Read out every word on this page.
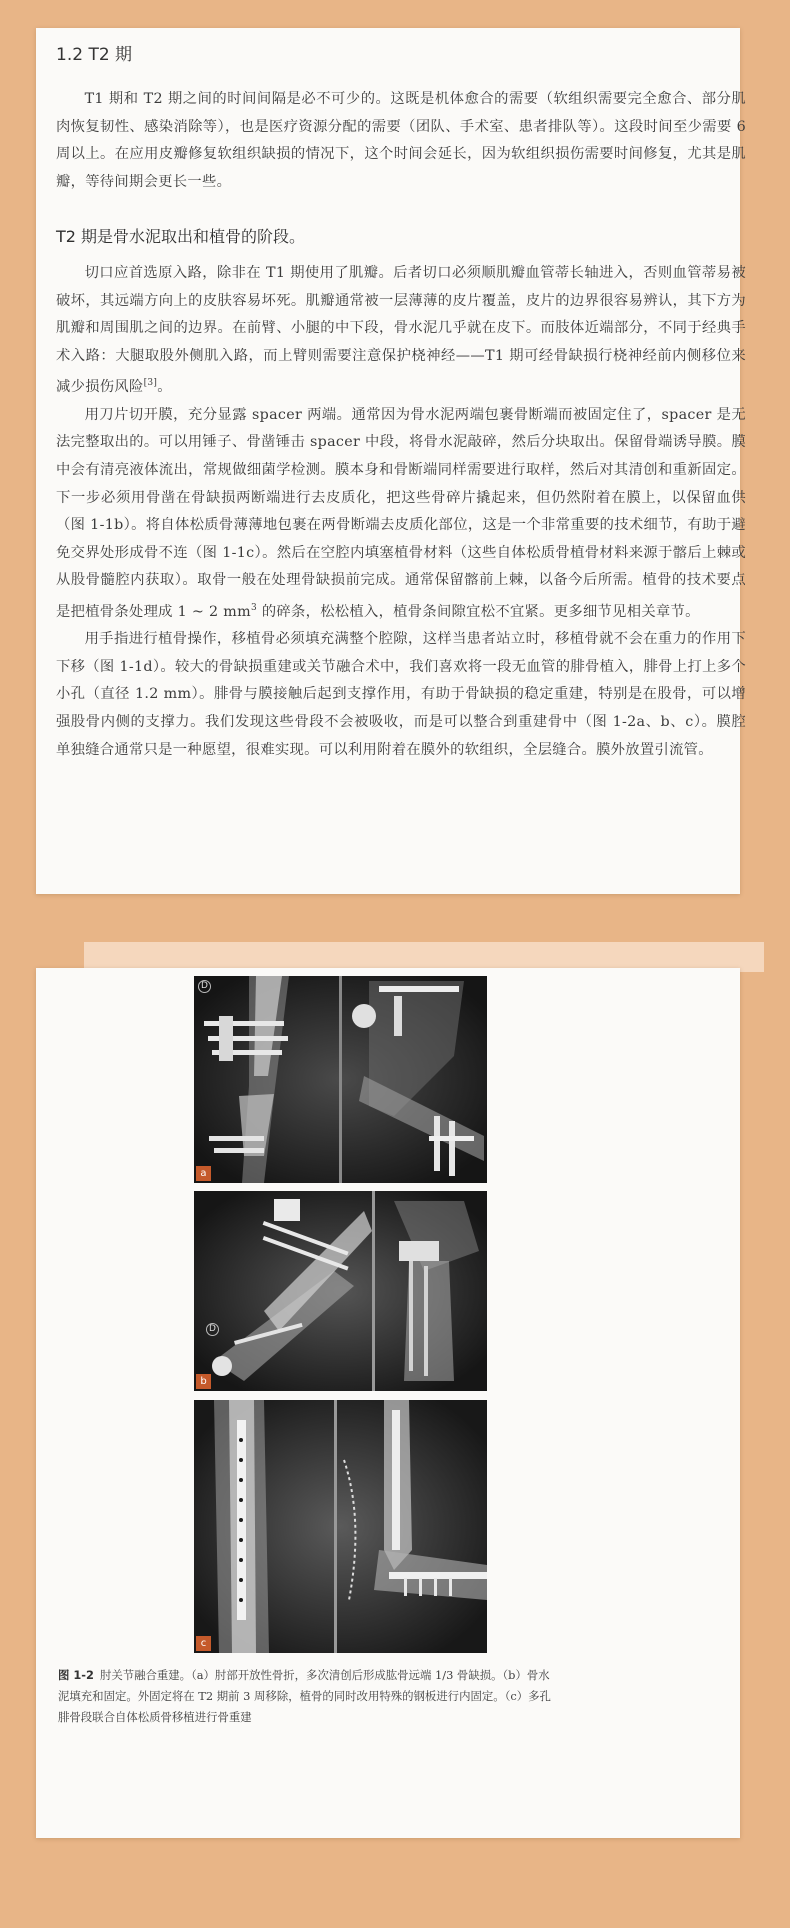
1.2 T2 期

T1 期和 T2 期之间的时间间隔是必不可少的。这既是机体愈合的需要（软组织需要完全愈合、部分肌肉恢复韧性、感染消除等），也是医疗资源分配的需要（团队、手术室、患者排队等）。这段时间至少需要 6 周以上。在应用皮瓣修复软组织缺损的情况下，这个时间会延长，因为软组织损伤需要时间修复，尤其是肌瓣，等待间期会更长一些。

T2 期是骨水泥取出和植骨的阶段。

切口应首选原入路，除非在 T1 期使用了肌瓣。后者切口必须顺肌瓣血管蒂长轴进入，否则血管蒂易被破坏，其远端方向上的皮肤容易坏死。肌瓣通常被一层薄薄的皮片覆盖，皮片的边界很容易辨认，其下方为肌瓣和周围肌之间的边界。在前臂、小腿的中下段，骨水泥几乎就在皮下。而肢体近端部分，不同于经典手术入路：大腿取股外侧肌入路，而上臂则需要注意保护桡神经——T1 期可经骨缺损行桡神经前内侧移位来减少损伤风险[3]。

用刀片切开膜，充分显露 spacer 两端。通常因为骨水泥两端包裹骨断端而被固定住了，spacer 是无法完整取出的。可以用锤子、骨凿锤击 spacer 中段，将骨水泥敲碎，然后分块取出。保留骨端诱导膜。膜中会有清亮液体流出，常规做细菌学检测。膜本身和骨断端同样需要进行取样，然后对其清创和重新固定。下一步必须用骨凿在骨缺损两断端进行去皮质化，把这些骨碎片撬起来，但仍然附着在膜上，以保留血供（图 1-1b）。将自体松质骨薄薄地包裹在两骨断端去皮质化部位，这是一个非常重要的技术细节，有助于避免交界处形成骨不连（图 1-1c）。然后在空腔内填塞植骨材料（这些自体松质骨植骨材料来源于髂后上棘或从股骨髓腔内获取）。取骨一般在处理骨缺损前完成。通常保留髂前上棘，以备今后所需。植骨的技术要点是把植骨条处理成 1 ~ 2 $mm^3$ 的碎条，松松植入，植骨条间隙宜松不宜紧。更多细节见相关章节。

用手指进行植骨操作，移植骨必须填充满整个腔隙，这样当患者站立时，移植骨就不会在重力的作用下下移（图 1-1d）。较大的骨缺损重建或关节融合术中，我们喜欢将一段无血管的腓骨植入，腓骨上打上多个小孔（直径 1.2 mm）。腓骨与膜接触后起到支撑作用，有助于骨缺损的稳定重建，特别是在股骨，可以增强股骨内侧的支撑力。我们发现这些骨段不会被吸收，而是可以整合到重建骨中（图 1-2a、b、c）。膜腔单独缝合通常只是一种愿望，很难实现。可以利用附着在膜外的软组织，全层缝合。膜外放置引流管。

D
a
D
b
c
图 1-2 肘关节融合重建。（a）肘部开放性骨折，多次清创后形成肱骨远端 1/3 骨缺损。（b）骨水泥填充和固定。外固定将在 T2 期前 3 周移除，植骨的同时改用特殊的钢板进行内固定。（c）多孔腓骨段联合自体松质骨移植进行骨重建
